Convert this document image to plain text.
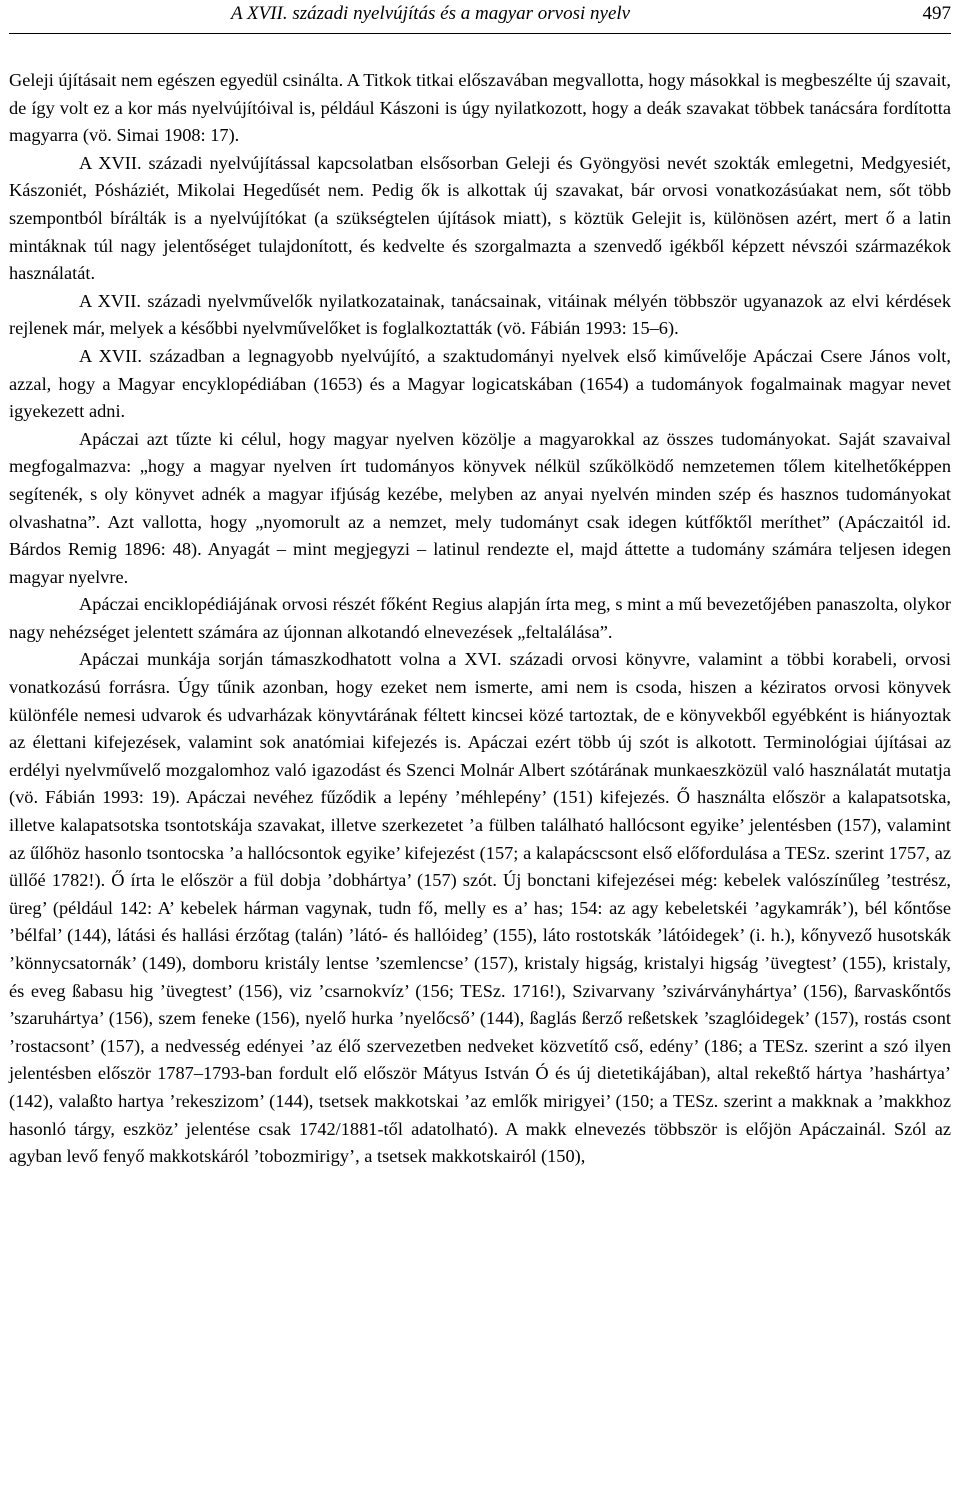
A XVII. századi nyelvújítás és a magyar orvosi nyelv	497

Geleji újításait nem egészen egyedül csinálta. A Titkok titkai előszavában megvallotta, hogy másokkal is megbeszélte új szavait, de így volt ez a kor más nyelvújítóival is, például Kászoni is úgy nyilatkozott, hogy a deák szavakat többek tanácsára fordította magyarra (vö. Simai 1908: 17).

A XVII. századi nyelvújítással kapcsolatban elsősorban Geleji és Gyöngyösi nevét szokták emlegetni, Medgyesiét, Kászoniét, Pósháziét, Mikolai Hegedűsét nem. Pedig ők is alkottak új szavakat, bár orvosi vonatkozásúakat nem, sőt több szempontból bírálták is a nyelvújítókat (a szükségtelen újítások miatt), s köztük Gelejit is, különösen azért, mert ő a latin mintáknak túl nagy jelentőséget tulajdonított, és kedvelte és szorgalmazta a szenvedő igékből képzett névszói származékok használatát.

A XVII. századi nyelvművelők nyilatkozatainak, tanácsainak, vitáinak mélyén többször ugyanazok az elvi kérdések rejlenek már, melyek a későbbi nyelvművelőket is foglalkoztatták (vö. Fábián 1993: 15–6).

A XVII. században a legnagyobb nyelvújító, a szaktudományi nyelvek első kiművelője Apáczai Csere János volt, azzal, hogy a Magyar encyklopédiában (1653) és a Magyar logicatskában (1654) a tudományok fogalmainak magyar nevet igyekezett adni.

Apáczai azt tűzte ki célul, hogy magyar nyelven közölje a magyarokkal az összes tudományokat. Saját szavaival megfogalmazva: „hogy a magyar nyelven írt tudományos könyvek nélkül szűkölködő nemzetemen tőlem kitelhetőképpen segítenék, s oly könyvet adnék a magyar ifjúság kezébe, melyben az anyai nyelvén minden szép és hasznos tudományokat olvashatna”. Azt vallotta, hogy „nyomorult az a nemzet, mely tudományt csak idegen kútfőktől meríthet” (Apáczaitól id. Bárdos Remig 1896: 48). Anyagát – mint megjegyzi – latinul rendezte el, majd áttette a tudomány számára teljesen idegen magyar nyelvre.

Apáczai enciklopédiájának orvosi részét főként Regius alapján írta meg, s mint a mű bevezetőjében panaszolta, olykor nagy nehézséget jelentett számára az újonnan alkotandó elnevezések „feltalálása”.

Apáczai munkája sorján támaszkodhatott volna a XVI. századi orvosi könyvre, valamint a többi korabeli, orvosi vonatkozású forrásra. Úgy tűnik azonban, hogy ezeket nem ismerte, ami nem is csoda, hiszen a kéziratos orvosi könyvek különféle nemesi udvarok és udvarházak könyvtárának féltett kincsei közé tartoztak, de e könyvekből egyébként is hiányoztak az élettani kifejezések, valamint sok anatómiai kifejezés is. Apáczai ezért több új szót is alkotott. Terminológiai újításai az erdélyi nyelvművelő mozgalomhoz való igazodást és Szenci Molnár Albert szótárának munkaeszközül való használatát mutatja (vö. Fábián 1993: 19). Apáczai nevéhez fűződik a lepény ’méhlepény’ (151) kifejezés. Ő használta először a kalapatsotska, illetve kalapatsotska tsontotskája szavakat, illetve szerkezetet ’a fülben található hallócsont egyike’ jelentésben (157), valamint az űlőhöz hasonlo tsontocska ’a hallócsontok egyike’ kifejezést (157; a kalapácscsont első előfordulása a TESz. szerint 1757, az üllőé 1782!). Ő írta le először a fül dobja ’dobhártya’ (157) szót. Új bonctani kifejezései még: kebelek valószínűleg ’testrész, üreg’ (például 142: A’ kebelek hárman vagynak, tudn fő, melly es a’ has; 154: az agy kebeletskéi ’agykamrák’), bél kőntőse ’bélfal’ (144), látási és hallási érzőtag (talán) ’látó- és hallóideg’ (155), láto rostotskák ’látóidegek’ (i. h.), kőnyvező husotskák ’könnycsatornák’ (149), domboru kristály lentse ’szemlencse’ (157), kristaly higság, kristalyi higság ’üvegtest’ (155), kristaly, és eveg ßabasu hig ’üvegtest’ (156), viz ’csarnokvíz’ (156; TESz. 1716!), Szivarvany ’szivárványhártya’ (156), ßarvaskőntős ’szaruhártya’ (156), szem feneke (156), nyelő hurka ’nyelőcső’ (144), ßaglás ßerző reßetskek ’szaglóidegek’ (157), rostás csont ’rostacsont’ (157), a nedvesség edényei ’az élő szervezetben nedveket közvetítő cső, edény’ (186; a TESz. szerint a szó ilyen jelentésben először 1787–1793-ban fordult elő először Mátyus István Ó és új dietetikájában), altal rekeßtő hártya ’hashártya’ (142), valaßto hartya ’rekeszizom’ (144), tsetsek makkotskai ’az emlők mirigyei’ (150; a TESz. szerint a makknak a ’makkhoz hasonló tárgy, eszköz’ jelentése csak 1742/1881-től adatolható). A makk elnevezés többször is előjön Apáczainál. Szól az agyban levő fenyő makkotskáról ’tobozmirigy’, a tsetsek makkotskairól (150),
